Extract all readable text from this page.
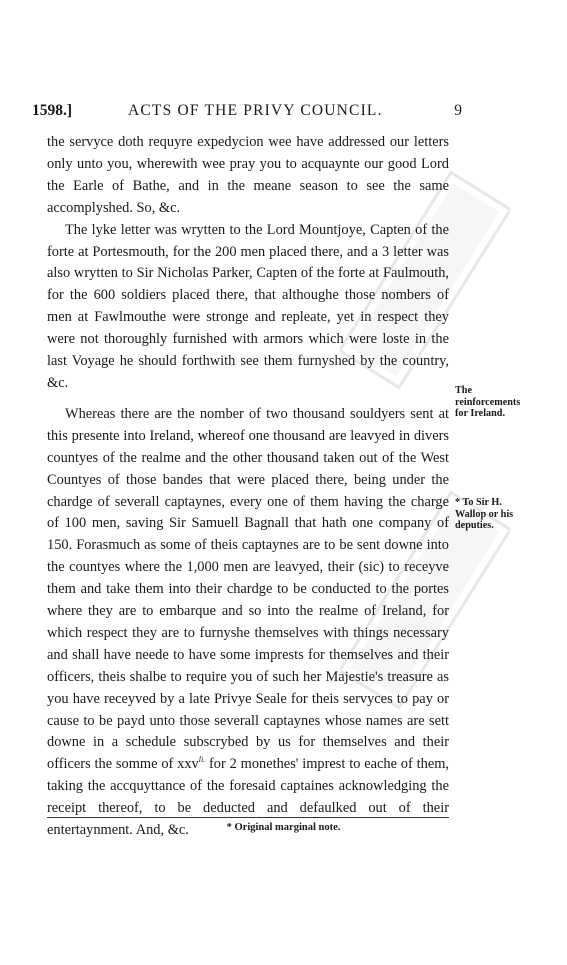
1598.]	ACTS OF THE PRIVY COUNCIL.	9

the servyce doth requyre expedycion wee have addressed our letters only unto you, wherewith wee pray you to acquaynte our good Lord the Earle of Bathe, and in the meane season to see the same accomplyshed. So, &c.

The lyke letter was wrytten to the Lord Mountjoye, Capten of the forte at Portesmouth, for the 200 men placed there, and a 3 letter was also wrytten to Sir Nicholas Parker, Capten of the forte at Faulmouth, for the 600 soldiers placed there, that althoughe those nombers of men at Fawlmouthe were stronge and repleate, yet in respect they were not thoroughly furnished with armors which were loste in the last Voyage he should forthwith see them furnyshed by the country, &c.

Whereas there are the nomber of two thousand souldyers sent at this presente into Ireland, whereof one thousand are leavyed in divers countyes of the realme and the other thousand taken out of the West Countyes of those bandes that were placed there, being under the chardge of severall captaynes, every one of them having the charge of 100 men, saving Sir Samuell Bagnall that hath one company of 150. Forasmuch as some of theis captaynes are to be sent downe into the countyes where the 1,000 men are leavyed, their (sic) to receyve them and take them into their chardge to be conducted to the portes where they are to embarque and so into the realme of Ireland, for which respect they are to furnyshe themselves with things necessary and shall have neede to have some imprests for themselves and their officers, theis shalbe to require you of such her Majestie's treasure as you have receyved by a late Privye Seale for theis servyces to pay or cause to be payd unto those severall captaynes whose names are sett downe in a schedule subscrybed by us for themselves and their officers the somme of xxv$^{li.}$ for 2 monethes' imprest to eache of them, taking the accquyttance of the foresaid captaines acknowledging the receipt thereof, to be deducted and defaulked out of their entertaynment. And, &c.

The reinforcements for Ireland.
* To Sir H. Wallop or his deputies.
* Original marginal note.
